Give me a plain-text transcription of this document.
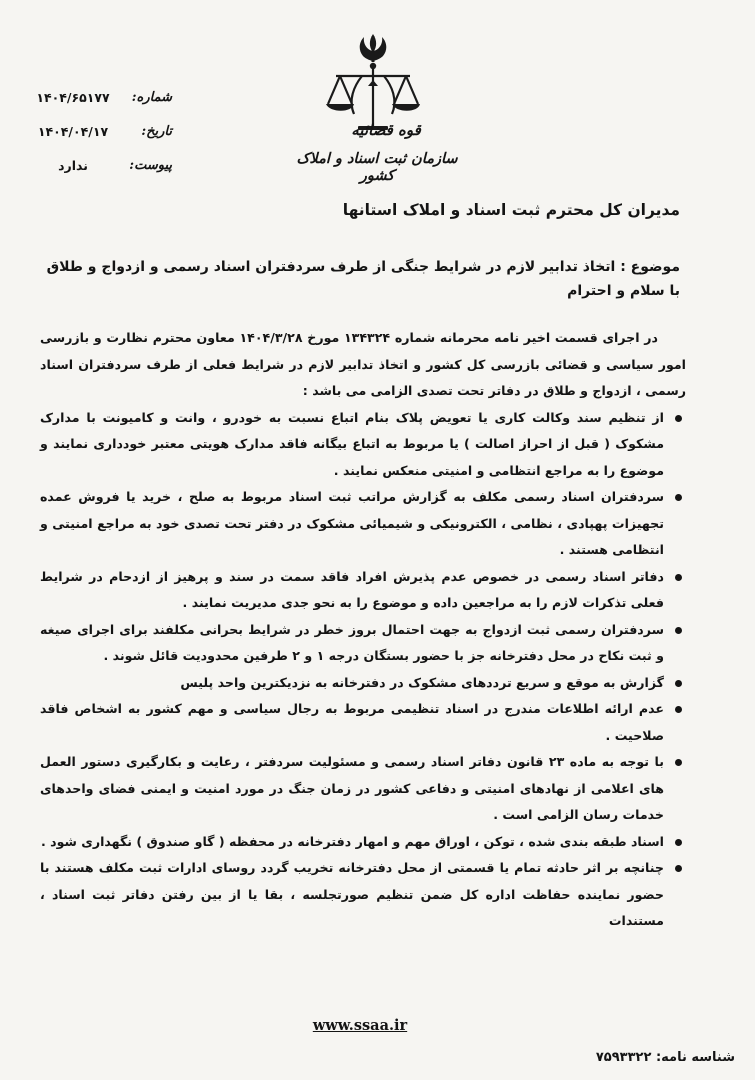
قوه قضائیه
سازمان ثبت اسناد و املاک کشور
شماره:
۱۴۰۴/۶۵۱۷۷
تاریخ:
۱۴۰۴/۰۴/۱۷
پیوست:
ندارد
مدیران کل محترم ثبت اسناد و املاک استانها
موضوع : اتخاذ تدابیر لازم در شرایط جنگی از طرف سردفتران اسناد رسمی و ازدواج و طلاق
با سلام و احترام

در اجرای قسمت اخیر نامه محرمانه شماره ۱۳۴۳۲۴ مورخ ۱۴۰۴/۳/۲۸ معاون محترم نظارت و بازرسی امور سیاسی و قضائی بازرسی کل کشور و اتخاذ تدابیر لازم در شرایط فعلی از طرف سردفتران اسناد رسمی ، ازدواج و طلاق در دفاتر تحت تصدی الزامی می باشد :

از تنظیم سند وکالت کاری یا تعویض پلاک بنام اتباع نسبت به خودرو ، وانت و کامیونت با مدارک مشکوک ( قبل از احراز اصالت ) یا مربوط به اتباع بیگانه فاقد مدارک هویتی معتبر خودداری نمایند و موضوع را به مراجع انتظامی و امنیتی منعکس نمایند .
سردفتران اسناد رسمی مکلف به گزارش مراتب ثبت اسناد مربوط به صلح ، خرید یا فروش عمده تجهیزات پهپادی ، نظامی ، الکترونیکی و شیمیائی مشکوک در دفتر تحت تصدی خود به مراجع امنیتی و انتظامی هستند .
دفاتر اسناد رسمی در خصوص عدم پذیرش افراد فاقد سمت در سند و پرهیز از ازدحام در شرایط فعلی تذکرات لازم را به مراجعین داده و موضوع را به نحو جدی مدیریت نمایند .
سردفتران رسمی ثبت ازدواج به جهت احتمال بروز خطر در شرایط بحرانی مکلفند برای اجرای صیغه و ثبت نکاح در محل دفترخانه جز با حضور بستگان درجه ۱ و ۲ طرفین محدودیت قائل شوند .
گزارش به موقع و سریع ترددهای مشکوک در دفترخانه به نزدیکترین واحد پلیس
عدم ارائه اطلاعات مندرج در اسناد تنظیمی مربوط به رجال سیاسی و مهم کشور به اشخاص فاقد صلاحیت .
با توجه به ماده ۲۳ قانون دفاتر اسناد رسمی و مسئولیت سردفتر ، رعایت و بکارگیری دستور العمل های اعلامی از نهادهای امنیتی و دفاعی کشور در زمان جنگ در مورد امنیت و ایمنی فضای واحدهای خدمات رسان الزامی است .
اسناد طبقه بندی شده ، توکن ، اوراق مهم و امهار دفترخانه در محفظه ( گاو صندوق ) نگهداری شود .
چنانچه بر اثر حادثه تمام یا قسمتی از محل دفترخانه تخریب گردد روسای ادارات ثبت مکلف هستند با حضور نماینده حفاظت اداره کل ضمن تنظیم صورتجلسه ، بقا یا از بین رفتن دفاتر ثبت اسناد ، مستندات
www.ssaa.ir
شناسه نامه: ۷۵۹۳۳۲۲
